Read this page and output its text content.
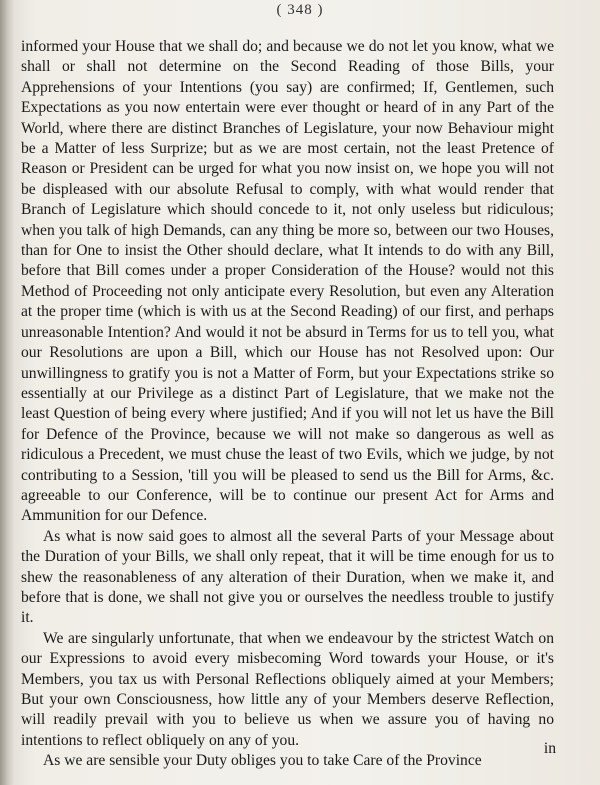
( 348 )

informed your House that we shall do; and because we do not let you know, what we shall or shall not determine on the Second Reading of those Bills, your Apprehensions of your Intentions (you say) are confirmed; If, Gentlemen, such Expectations as you now entertain were ever thought or heard of in any Part of the World, where there are distinct Branches of Legislature, your now Behaviour might be a Matter of less Surprize; but as we are most certain, not the least Pretence of Reason or President can be urged for what you now insist on, we hope you will not be displeased with our absolute Refusal to comply, with what would render that Branch of Legislature which should concede to it, not only useless but ridiculous; when you talk of high Demands, can any thing be more so, between our two Houses, than for One to insist the Other should declare, what It intends to do with any Bill, before that Bill comes under a proper Consideration of the House? would not this Method of Proceeding not only anticipate every Resolution, but even any Alteration at the proper time (which is with us at the Second Reading) of our first, and perhaps unreasonable Intention? And would it not be absurd in Terms for us to tell you, what our Resolutions are upon a Bill, which our House has not Resolved upon: Our unwillingness to gratify you is not a Matter of Form, but your Expectations strike so essentially at our Privilege as a distinct Part of Legislature, that we make not the least Question of being every where justified; And if you will not let us have the Bill for Defence of the Province, because we will not make so dangerous as well as ridiculous a Precedent, we must chuse the least of two Evils, which we judge, by not contributing to a Session, 'till you will be pleased to send us the Bill for Arms, &c. agreeable to our Conference, will be to continue our present Act for Arms and Ammunition for our Defence.

As what is now said goes to almost all the several Parts of your Message about the Duration of your Bills, we shall only repeat, that it will be time enough for us to shew the reasonableness of any alteration of their Duration, when we make it, and before that is done, we shall not give you or ourselves the needless trouble to justify it.

We are singularly unfortunate, that when we endeavour by the strictest Watch on our Expressions to avoid every misbecoming Word towards your House, or it's Members, you tax us with Personal Reflections obliquely aimed at your Members; But your own Consciousness, how little any of your Members deserve Reflection, will readily prevail with you to believe us when we assure you of having no intentions to reflect obliquely on any of you.

As we are sensible your Duty obliges you to take Care of the Province

in
